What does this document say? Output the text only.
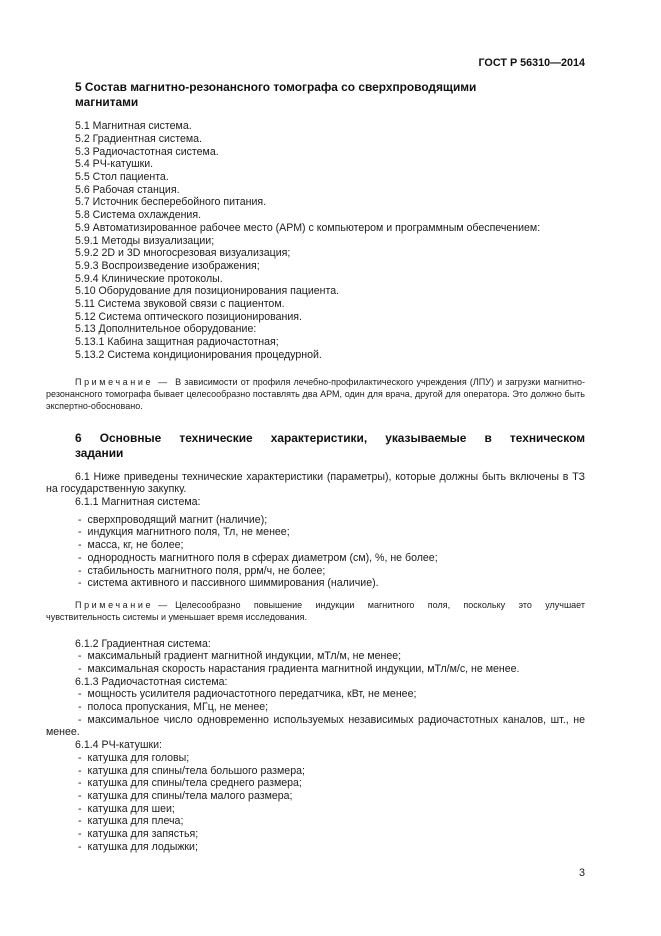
ГОСТ Р 56310—2014
5 Состав магнитно-резонансного томографа со сверхпроводящими
магнитами

5.1 Магнитная система.

5.2 Градиентная система.

5.3 Радиочастотная система.

5.4 РЧ-катушки.

5.5 Стол пациента.

5.6 Рабочая станция.

5.7 Источник бесперебойного питания.

5.8 Система охлаждения.

5.9 Автоматизированное рабочее место (АРМ) с компьютером и программным обеспечением:

5.9.1 Методы визуализации;

5.9.2 2D и 3D многосрезовая визуализация;

5.9.3 Воспроизведение изображения;

5.9.4 Клинические протоколы.

5.10 Оборудование для позиционирования пациента.

5.11 Система звуковой связи с пациентом.

5.12 Система оптического позиционирования.

5.13 Дополнительное оборудование:

5.13.1 Кабина защитная радиочастотная;

5.13.2 Система кондиционирования процедурной.

Примечание — В зависимости от профиля лечебно-профилактического учреждения (ЛПУ) и загрузки магнитно-резонансного томографа бывает целесообразно поставлять два АРМ, один для врача, другой для оператора. Это должно быть экспертно-обосновано.

6 Основные технические характеристики, указываемые в техническом
задании

6.1 Ниже приведены технические характеристики (параметры), которые должны быть включены в ТЗ на государственную закупку.

6.1.1 Магнитная система:

- сверхпроводящий магнит (наличие);

- индукция магнитного поля, Тл, не менее;

- масса, кг, не более;

- однородность магнитного поля в сферах диаметром (см), %, не более;

- стабильность магнитного поля, ррм/ч, не более;

- система активного и пассивного шиммирования (наличие).

Примечание — Целесообразно повышение индукции магнитного поля, поскольку это улучшает чувствительность системы и уменьшает время исследования.

6.1.2 Градиентная система:

- максимальный градиент магнитной индукции, мТл/м, не менее;

- максимальная скорость нарастания градиента магнитной индукции, мТл/м/с, не менее.

6.1.3 Радиочастотная система:

- мощность усилителя радиочастотного передатчика, кВт, не менее;

- полоса пропускания, МГц, не менее;

- максимальное число одновременно используемых независимых радиочастотных каналов, шт., не менее.

6.1.4 РЧ-катушки:

- катушка для головы;

- катушка для спины/тела большого размера;

- катушка для спины/тела среднего размера;

- катушка для спины/тела малого размера;

- катушка для шеи;

- катушка для плеча;

- катушка для запястья;

- катушка для лодыжки;

3
